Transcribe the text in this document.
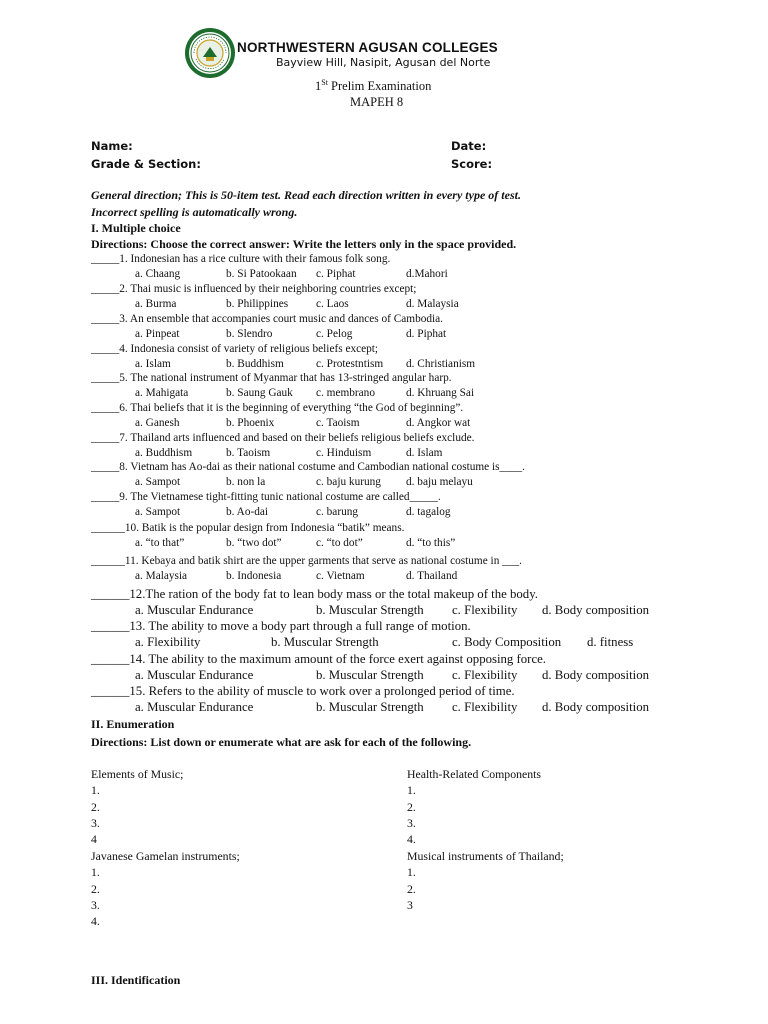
NORTHWESTERN AGUSAN COLLEGES
Bayview Hill, Nasipit, Agusan del Norte
1St Prelim Examination
MAPEH 8
Name:	Date:
Grade & Section:	Score:
General direction; This is 50-item test. Read each direction written in every type of test.
Incorrect spelling is automatically wrong.
I. Multiple choice
Directions: Choose the correct answer: Write the letters only in the space provided.
_____1. Indonesian has a rice culture with their famous folk song.
a. Chaang	b. Si Patookaan c. Piphat	d.Mahori
_____2. Thai music is influenced by their neighboring countries except;
a. Burma	b. Philippines c. Laos	d. Malaysia
_____3. An ensemble that accompanies court music and dances of Cambodia.
a. Pinpeat	b. Slendro	c. Pelog	d. Piphat
_____4. Indonesia consist of variety of religious beliefs except;
a. Islam	b. Buddhism	c. Protestntism d. Christianism
_____5. The national instrument of Myanmar that has 13-stringed angular harp.
a. Mahigata	b. Saung Gauk c. membrano	d. Khruang Sai
_____6. Thai beliefs that it is the beginning of everything “the God of beginning”.
a. Ganesh	b. Phoenix	c. Taoism	d. Angkor wat
_____7. Thailand arts influenced and based on their beliefs religious beliefs exclude.
a. Buddhism	b. Taoism	c. Hinduism	d. Islam
_____8. Vietnam has Ao-dai as their national costume and Cambodian national costume is____.
a. Sampot	b. non la	c. baju kurung d. baju melayu
_____9. The Vietnamese tight-fitting tunic national costume are called_____.
a. Sampot	b. Ao-dai	c. barung	d. tagalog
______10. Batik is the popular design from Indonesia “batik” means.
a. “to that”	b. “two dot”	c. “to dot”	d. “to this”
______11. Kebaya and batik shirt are the upper garments that serve as national costume in ___.
a. Malaysia	b. Indonesia	c. Vietnam	d. Thailand
______12.The ration of the body fat to lean body mass or the total makeup of the body.
a. Muscular Endurance	b. Muscular Strength c. Flexibility d. Body composition
______13. The ability to move a body part through a full range of motion.
a. Flexibility	b. Muscular Strength	c. Body Composition d. fitness
______14. The ability to the maximum amount of the force exert against opposing force.
a. Muscular Endurance	b. Muscular Strength c. Flexibility d. Body composition
______15. Refers to the ability of muscle to work over a prolonged period of time.
a. Muscular Endurance	b. Muscular Strength c. Flexibility d. Body composition
II. Enumeration
Directions: List down or enumerate what are ask for each of the following.
Elements of Music;
1.
2.
3.
4
Javanese Gamelan instruments;
1.
2.
3.
4.
Health-Related Components
1.
2.
3.
4.
Musical instruments of Thailand;
1.
2.
3
III. Identification
